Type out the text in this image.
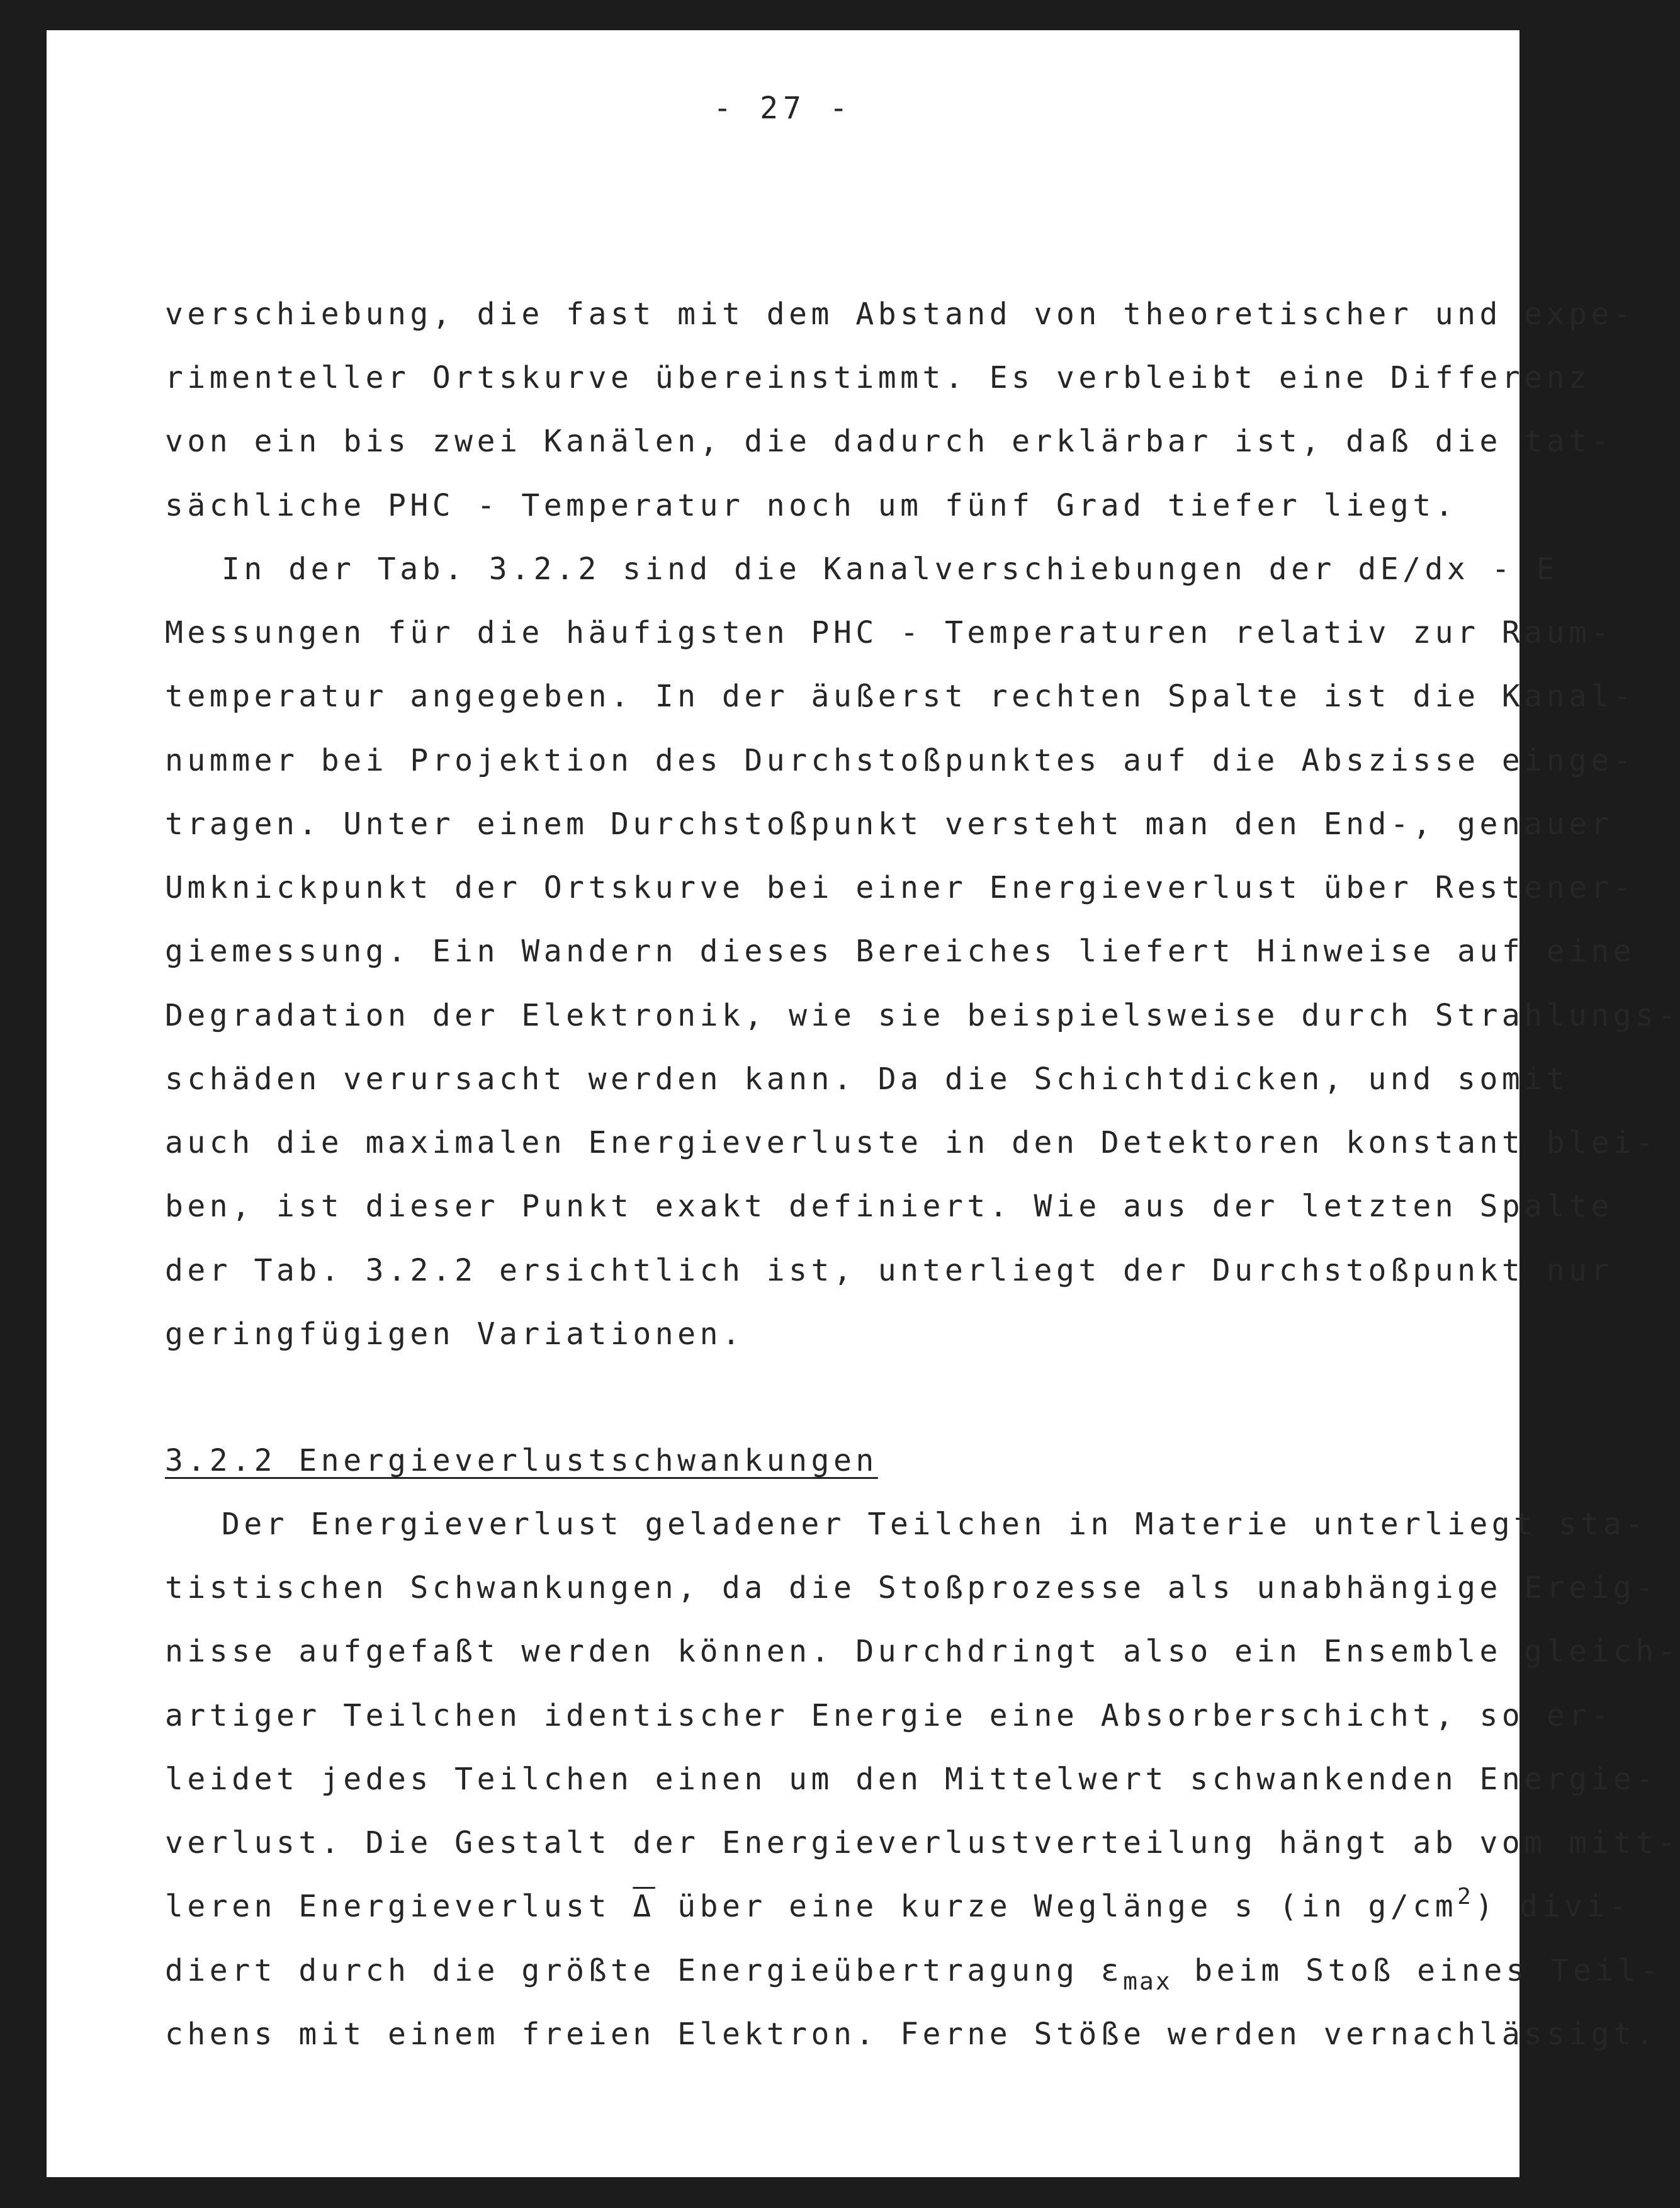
- 27 -
verschiebung, die fast mit dem Abstand von theoretischer und expe-
rimenteller Ortskurve übereinstimmt. Es verbleibt eine Differenz
von ein bis zwei Kanälen, die dadurch erklärbar ist, daß die tat-
sächliche PHC - Temperatur noch um fünf Grad tiefer liegt.
In der Tab. 3.2.2 sind die Kanalverschiebungen der dE/dx - E
Messungen für die häufigsten PHC - Temperaturen relativ zur Raum-
temperatur angegeben. In der äußerst rechten Spalte ist die Kanal-
nummer bei Projektion des Durchstoßpunktes auf die Abszisse einge-
tragen. Unter einem Durchstoßpunkt versteht man den End-, genauer
Umknickpunkt der Ortskurve bei einer Energieverlust über Restener-
giemessung. Ein Wandern dieses Bereiches liefert Hinweise auf eine
Degradation der Elektronik, wie sie beispielsweise durch Strahlungs-
schäden verursacht werden kann. Da die Schichtdicken, und somit
auch die maximalen Energieverluste in den Detektoren konstant blei-
ben, ist dieser Punkt exakt definiert. Wie aus der letzten Spalte
der Tab. 3.2.2 ersichtlich ist, unterliegt der Durchstoßpunkt nur
geringfügigen Variationen.
3.2.2 Energieverlustschwankungen
Der Energieverlust geladener Teilchen in Materie unterliegt sta-
tistischen Schwankungen, da die Stoßprozesse als unabhängige Ereig-
nisse aufgefaßt werden können. Durchdringt also ein Ensemble gleich-
artiger Teilchen identischer Energie eine Absorberschicht, so er-
leidet jedes Teilchen einen um den Mittelwert schwankenden Energie-
verlust. Die Gestalt der Energieverlustverteilung hängt ab vom mitt-
leren Energieverlust $\overline{\Delta}$ über eine kurze Weglänge s (in $g/cm^2$) divi-
diert durch die größte Energieübertragung $\varepsilon_{max}$ beim Stoß eines Teil-
chens mit einem freien Elektron. Ferne Stöße werden vernachlässigt.
